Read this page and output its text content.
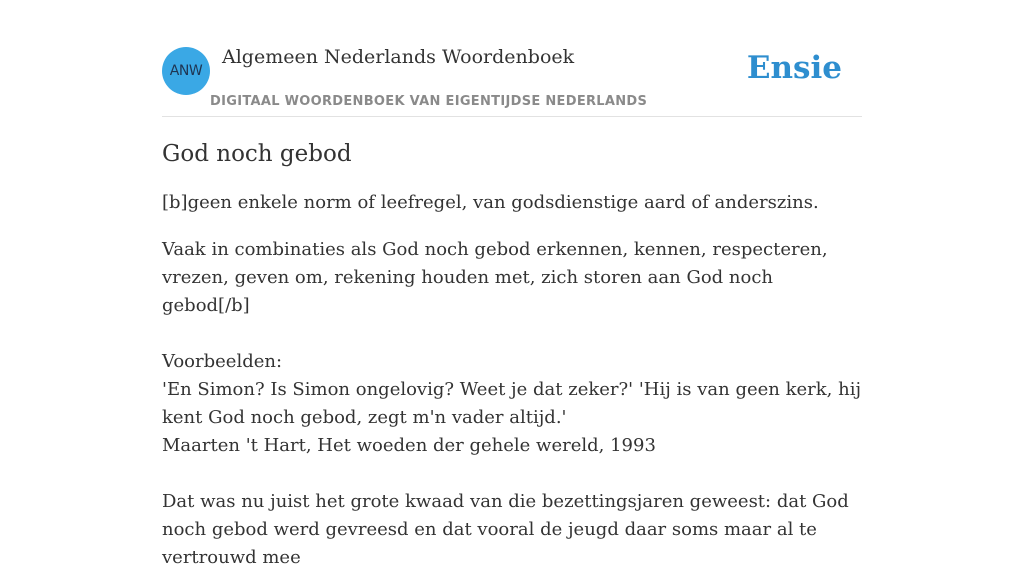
ANW
Algemeen Nederlands Woordenboek
DIGITAAL WOORDENBOEK VAN EIGENTIJDSE NEDERLANDS
Ensie
God noch gebod

[b]geen enkele norm of leefregel, van godsdienstige aard of anderszins.

Vaak in combinaties als God noch gebod erkennen, kennen, respecteren, vrezen, geven om, rekening houden met, zich storen aan God noch gebod[/b]
Voorbeelden:
'En Simon? Is Simon ongelovig? Weet je dat zeker?' 'Hij is van geen kerk, hij kent God noch gebod, zegt m'n vader altijd.'
Maarten 't Hart, Het woeden der gehele wereld, 1993
Dat was nu juist het grote kwaad van die bezettingsjaren geweest: dat God noch gebod werd gevreesd en dat vooral de jeugd daar soms maar al te vertrouwd mee
